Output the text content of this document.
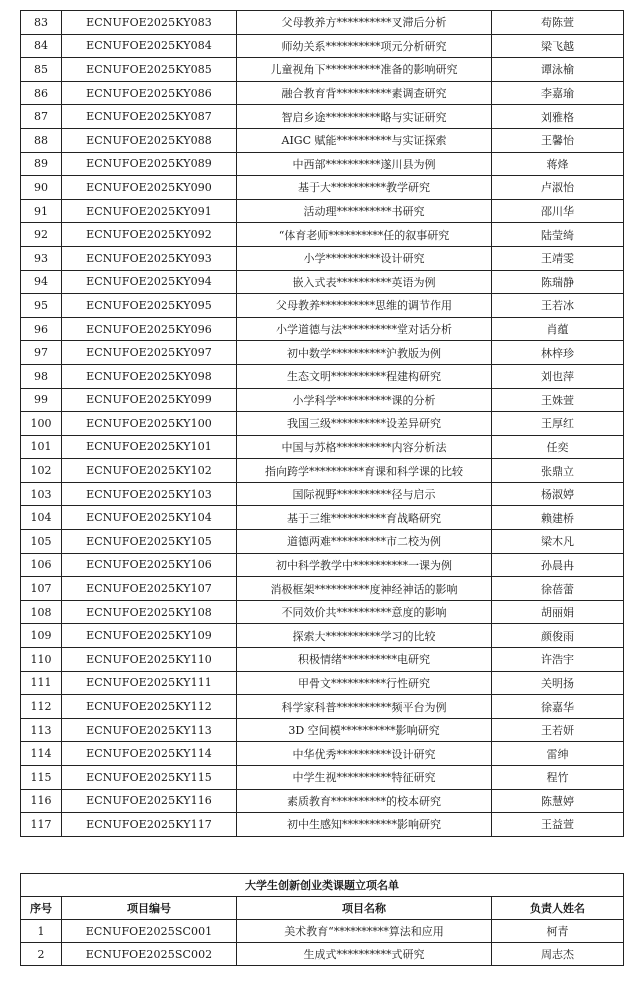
83	ECNUFOE2025KY083	父母教养方**********叉滞后分析	苟陈萱
84	ECNUFOE2025KY084	师幼关系**********项元分析研究	梁飞越
85	ECNUFOE2025KY085	儿童视角下**********准备的影响研究	谭泳榆
86	ECNUFOE2025KY086	融合教育背**********素调查研究	李嘉瑜
87	ECNUFOE2025KY087	智启乡途**********略与实证研究	刘雅格
88	ECNUFOE2025KY088	AIGC 赋能**********与实证探索	王馨怡
89	ECNUFOE2025KY089	中西部**********遂川县为例	蒋烽
90	ECNUFOE2025KY090	基于大**********教学研究	卢淑怡
91	ECNUFOE2025KY091	活动理**********书研究	邵川华
92	ECNUFOE2025KY092	“体育老师**********任的叙事研究	陆莹绮
93	ECNUFOE2025KY093	小学**********设计研究	王靖雯
94	ECNUFOE2025KY094	嵌入式表**********英语为例	陈瑞静
95	ECNUFOE2025KY095	父母教养**********思维的调节作用	王若冰
96	ECNUFOE2025KY096	小学道德与法**********堂对话分析	肖蕴
97	ECNUFOE2025KY097	初中数学**********沪教版为例	林梓珍
98	ECNUFOE2025KY098	生态文明**********程建构研究	刘也萍
99	ECNUFOE2025KY099	小学科学**********课的分析	王姝萱
100	ECNUFOE2025KY100	我国三级**********设差异研究	王厚红
101	ECNUFOE2025KY101	中国与苏格**********内容分析法	任奕
102	ECNUFOE2025KY102	指向跨学**********育课和科学课的比较	张鼎立
103	ECNUFOE2025KY103	国际视野**********径与启示	杨淑婷
104	ECNUFOE2025KY104	基于三维**********育战略研究	赖建桥
105	ECNUFOE2025KY105	道德两难**********市二校为例	梁木凡
106	ECNUFOE2025KY106	初中科学教学中**********一课为例	孙晨冉
107	ECNUFOE2025KY107	消极框架**********度神经神话的影响	徐蓓蕾
108	ECNUFOE2025KY108	不同效价共**********意度的影响	胡丽娟
109	ECNUFOE2025KY109	探索大**********学习的比较	颜俊雨
110	ECNUFOE2025KY110	积极情绪**********电研究	许浩宇
111	ECNUFOE2025KY111	甲骨文**********行性研究	关明扬
112	ECNUFOE2025KY112	科学家科普**********频平台为例	徐嘉华
113	ECNUFOE2025KY113	3D 空间模**********影响研究	王若妍
114	ECNUFOE2025KY114	中华优秀**********设计研究	雷绅
115	ECNUFOE2025KY115	中学生视**********特征研究	程竹
116	ECNUFOE2025KY116	素质教育**********的校本研究	陈慧婷
117	ECNUFOE2025KY117	初中生感知**********影响研究	王益萱
大学生创新创业类课题立项名单			
序号	项目编号	项目名称	负责人姓名
1	ECNUFOE2025SC001	美术教育“**********算法和应用	柯青
2	ECNUFOE2025SC002	生成式**********式研究	周志杰
